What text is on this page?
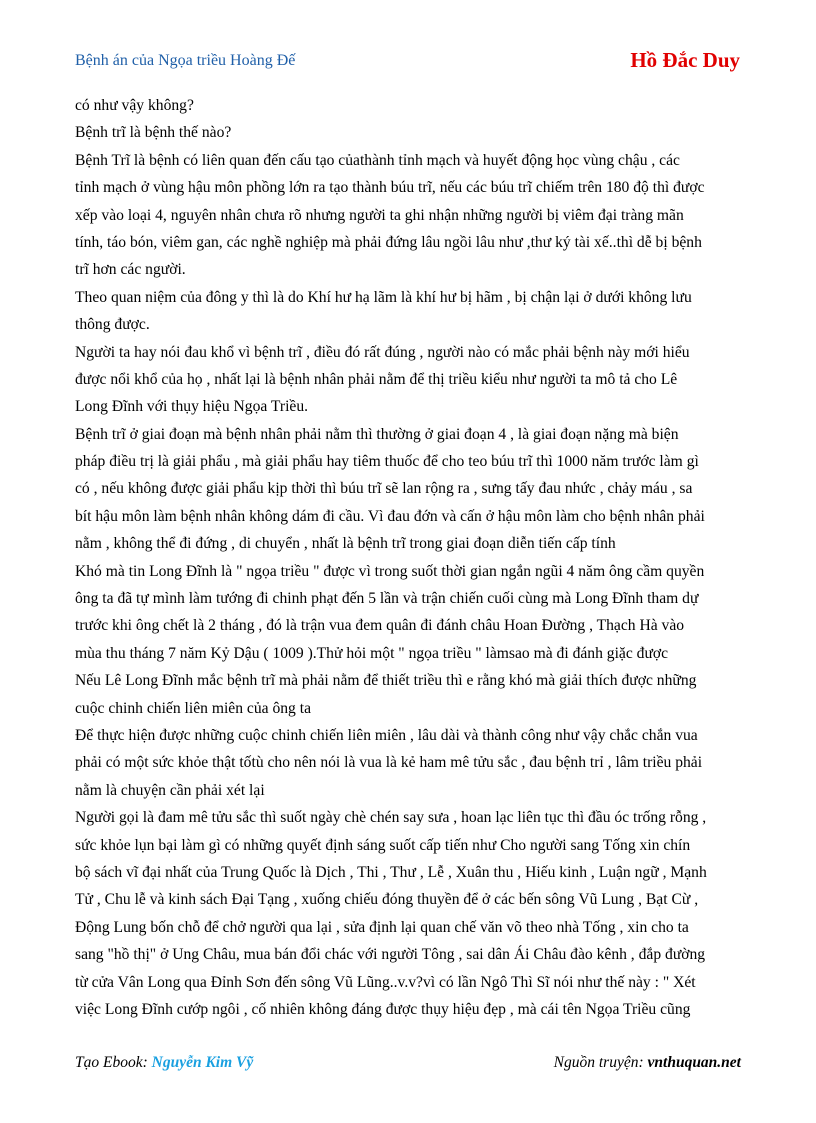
Bệnh án của Ngọa triều Hoàng Đế	Hồ Đắc Duy
có như vậy không?
Bệnh trĩ là bệnh thế nào?
Bệnh Trĩ là bệnh có liên quan đến cấu tạo củathành tỉnh mạch và huyết động học vùng chậu , các
tỉnh mạch ở vùng hậu môn phồng lớn ra tạo thành búu trĩ, nếu các búu trĩ chiếm trên 180 độ thì được
xếp vào loại 4, nguyên nhân chưa rõ nhưng người ta ghi nhận những người bị viêm đại tràng mãn
tính, táo bón, viêm gan, các nghề nghiệp mà phải đứng lâu ngồi lâu như ,thư ký tài xế..thì dễ bị bệnh
trĩ hơn các người.
Theo quan niệm của đông y thì là do Khí hư hạ lãm là khí hư bị hãm , bị chận lại ở dưới không lưu
thông được.
Người ta hay nói đau khổ vì bệnh trĩ , điều đó rất đúng , người nào có mắc phải bệnh này mới hiểu
được nổi khổ của họ , nhất lại là bệnh nhân phải nằm để thị triều kiểu như người ta mô tả cho Lê
Long Đĩnh với thụy hiệu Ngọa Triều.
Bệnh trĩ ở giai đoạn mà bệnh nhân phải nằm thì thường ở giai đoạn 4 , là giai đoạn nặng mà biện
pháp điều trị là giải phẩu , mà giải phẩu hay tiêm thuốc để cho teo búu trĩ thì 1000 năm trước làm gì
có , nếu không được giải phẩu kịp thời thì búu trĩ sẽ lan rộng ra , sưng tấy đau nhức , chảy máu , sa
bít hậu môn làm bệnh nhân không dám đi cầu. Vì đau đớn và cấn ở hậu môn làm cho bệnh nhân phải
nằm , không thể đi đứng , di chuyển , nhất là bệnh trĩ trong giai đoạn diễn tiến cấp tính
Khó mà tin Long Đĩnh là " ngọa triều " được vì trong suốt thời gian ngắn ngũi 4 năm ông cầm quyền
ông ta đã tự mình làm tướng đi chinh phạt đến 5 lần và trận chiến cuối cùng mà Long Đĩnh tham dự
trước khi ông chết là 2 tháng , đó là trận vua đem quân đi đánh châu Hoan Đường , Thạch Hà vào
mùa thu tháng 7 năm Kỷ Dậu ( 1009 ).Thử hỏi một " ngọa triều " làmsao mà đi đánh giặc được
Nếu Lê Long Đĩnh mắc bệnh trĩ mà phải nằm để thiết triều thì e rằng khó mà giải thích được những
cuộc chinh chiến liên miên của ông ta
Để thực hiện được những cuộc chinh chiến liên miên , lâu dài và thành công như vậy chắc chắn vua
phải có một sức khỏe thật tốtù cho nên nói là vua là kẻ ham mê tửu sắc , đau bệnh trỉ , lâm triều phải
nằm là chuyện cần phải xét lại
Người gọi là đam mê tửu sắc thì suốt ngày chè chén say sưa , hoan lạc liên tục thì đầu óc trống rỗng ,
sức khỏe lụn bại làm gì có những quyết định sáng suốt cấp tiến như Cho người sang Tống xin chín
bộ sách vĩ đại nhất của Trung Quốc là Dịch , Thi , Thư , Lễ , Xuân thu , Hiếu kinh , Luận ngữ , Mạnh
Tử , Chu lễ và kinh sách Đại Tạng , xuống chiếu đóng thuyền để ở các bến sông Vũ Lung , Bạt Cừ ,
Động Lung bốn chỗ để chở người qua lại , sửa định lại quan chế văn võ theo nhà Tống , xin cho ta
sang "hồ thị" ở Ung Châu, mua bán đổi chác với người Tông , sai dân Ái Châu đào kênh , đắp đường
từ cửa Vân Long qua Đỉnh Sơn đến sông Vũ Lũng..v.v?vì có lần Ngô Thì Sĩ nói như thế này : " Xét
việc Long Đĩnh cướp ngôi , cố nhiên không đáng được thụy hiệu đẹp , mà cái tên Ngọa Triều cũng
Tạo Ebook: Nguyễn Kim Vỹ	Nguồn truyện: vnthuquan.net
